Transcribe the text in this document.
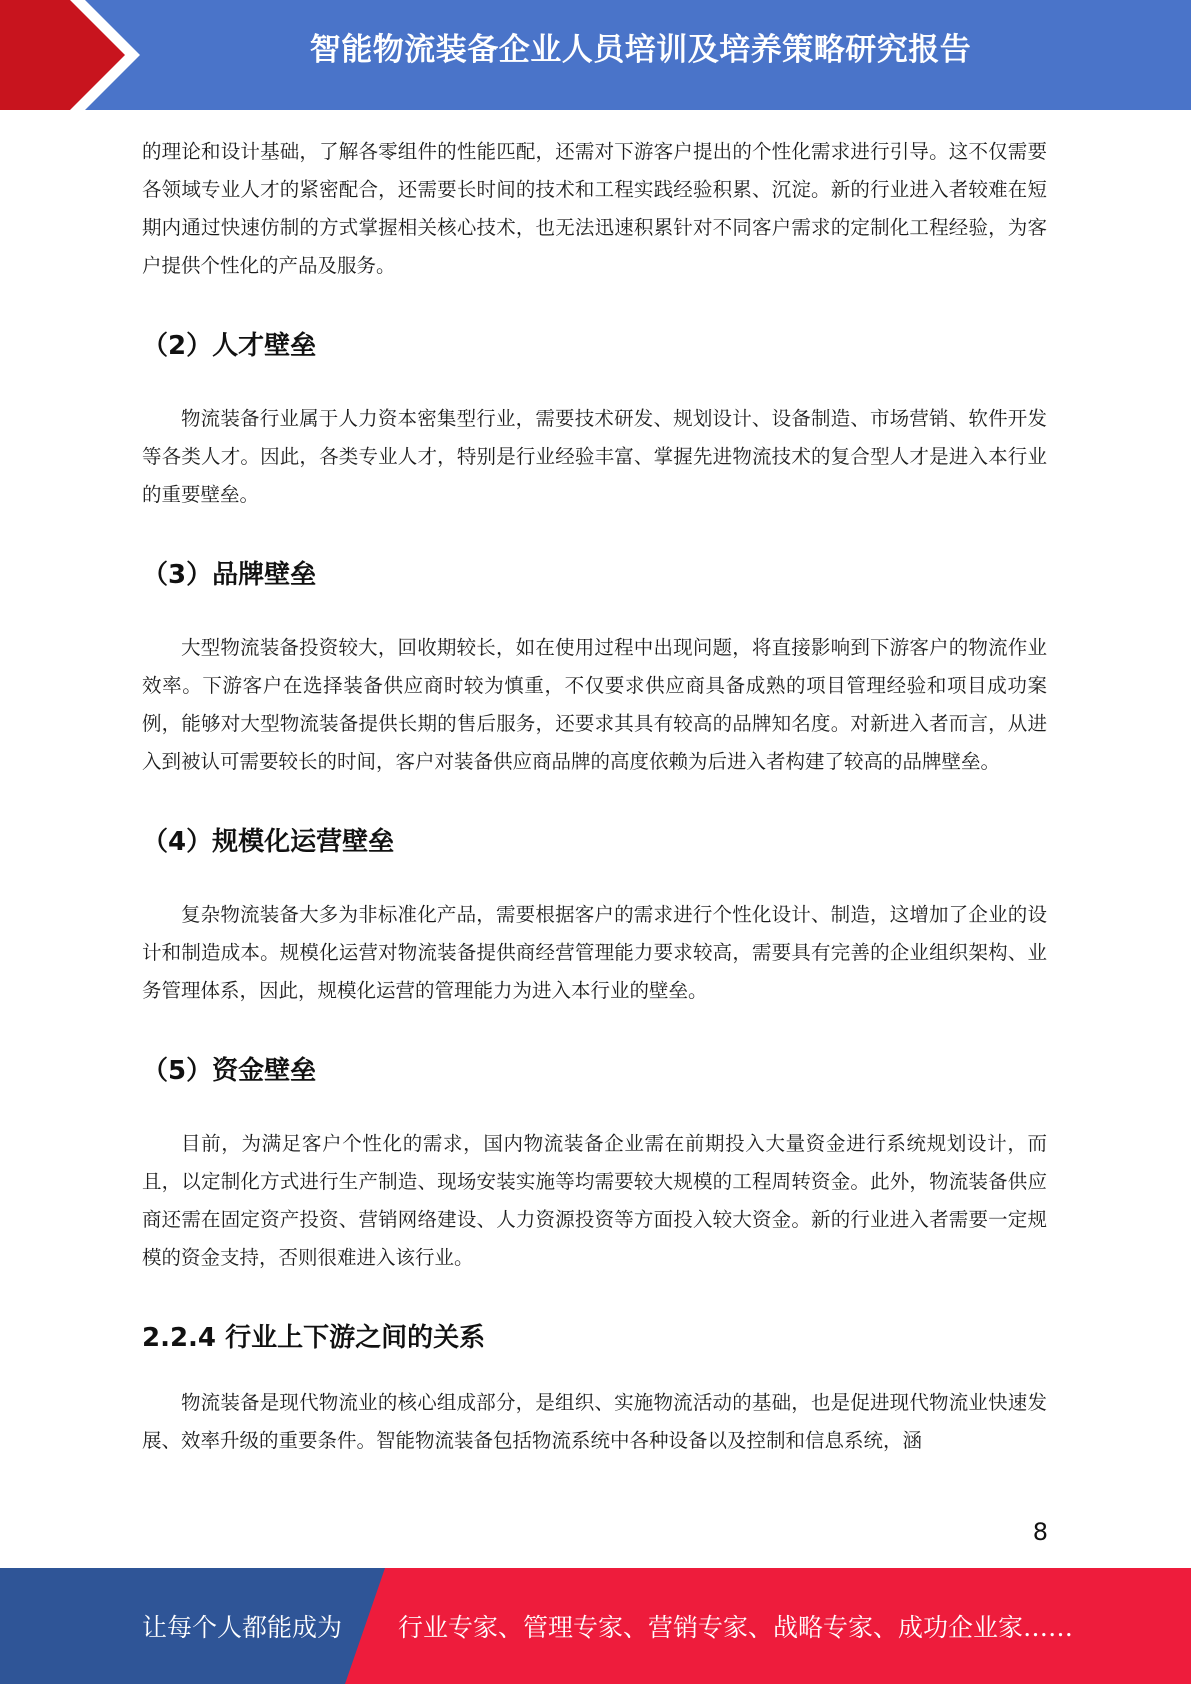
智能物流装备企业人员培训及培养策略研究报告

的理论和设计基础，了解各零组件的性能匹配，还需对下游客户提出的个性化需求进行引导。这不仅需要各领域专业人才的紧密配合，还需要长时间的技术和工程实践经验积累、沉淀。新的行业进入者较难在短期内通过快速仿制的方式掌握相关核心技术，也无法迅速积累针对不同客户需求的定制化工程经验，为客户提供个性化的产品及服务。

（2）人才壁垒

物流装备行业属于人力资本密集型行业，需要技术研发、规划设计、设备制造、市场营销、软件开发等各类人才。因此，各类专业人才，特别是行业经验丰富、掌握先进物流技术的复合型人才是进入本行业的重要壁垒。

（3）品牌壁垒

大型物流装备投资较大，回收期较长，如在使用过程中出现问题，将直接影响到下游客户的物流作业效率。下游客户在选择装备供应商时较为慎重，不仅要求供应商具备成熟的项目管理经验和项目成功案例，能够对大型物流装备提供长期的售后服务，还要求其具有较高的品牌知名度。对新进入者而言，从进入到被认可需要较长的时间，客户对装备供应商品牌的高度依赖为后进入者构建了较高的品牌壁垒。

（4）规模化运营壁垒

复杂物流装备大多为非标准化产品，需要根据客户的需求进行个性化设计、制造，这增加了企业的设计和制造成本。规模化运营对物流装备提供商经营管理能力要求较高，需要具有完善的企业组织架构、业务管理体系，因此，规模化运营的管理能力为进入本行业的壁垒。

（5）资金壁垒

目前，为满足客户个性化的需求，国内物流装备企业需在前期投入大量资金进行系统规划设计，而且，以定制化方式进行生产制造、现场安装实施等均需要较大规模的工程周转资金。此外，物流装备供应商还需在固定资产投资、营销网络建设、人力资源投资等方面投入较大资金。新的行业进入者需要一定规模的资金支持，否则很难进入该行业。

2.2.4 行业上下游之间的关系

物流装备是现代物流业的核心组成部分，是组织、实施物流活动的基础，也是促进现代物流业快速发展、效率升级的重要条件。智能物流装备包括物流系统中各种设备以及控制和信息系统，涵

8
让每个人都能成为 行业专家、管理专家、营销专家、战略专家、成功企业家……
